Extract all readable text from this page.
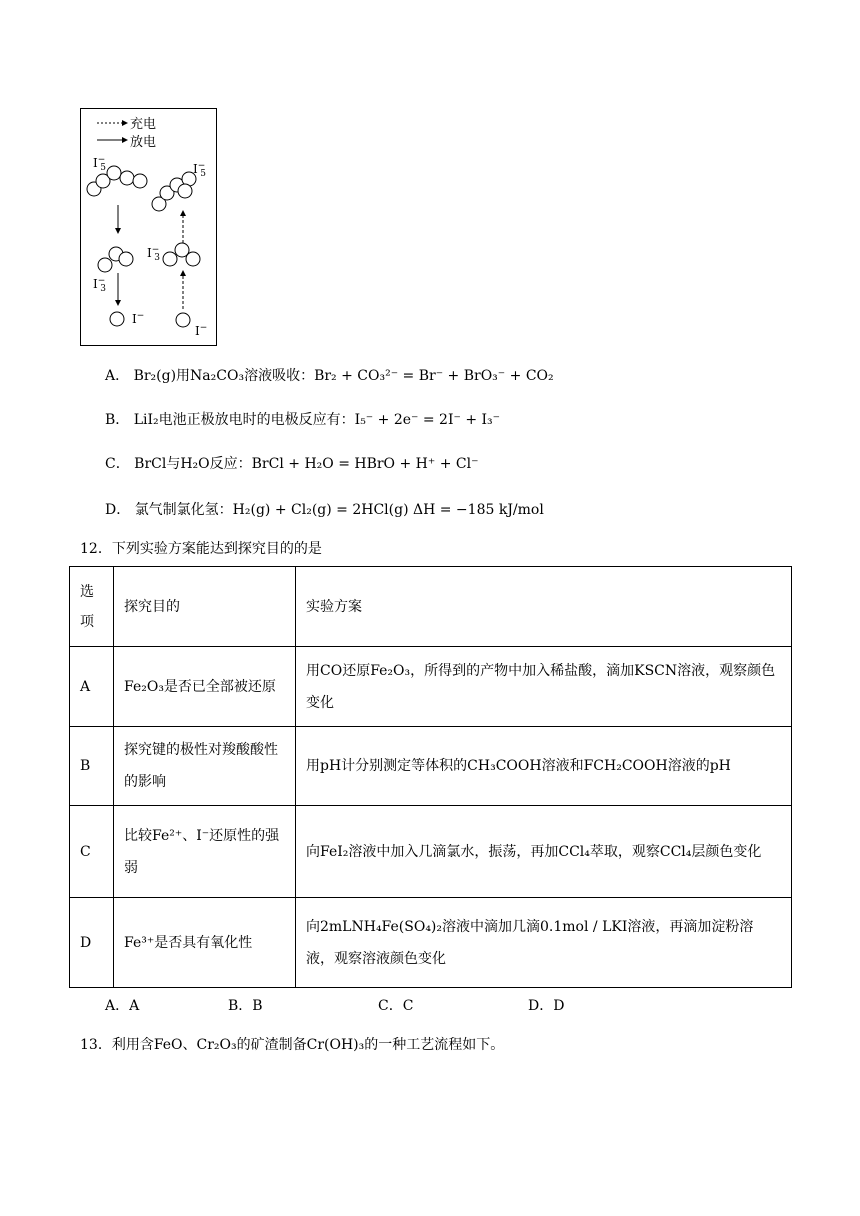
充电
放电
$I^-_5$
$I^-_3$
I−
$I^-_5$
$I^-_3$
I−
A． Br₂(g)用Na₂CO₃溶液吸收：Br₂ + CO₃²⁻ = Br⁻ + BrO₃⁻ + CO₂
B． LiI₂电池正极放电时的电极反应有：I₅⁻ + 2e⁻ = 2I⁻ + I₃⁻
C． BrCl与H₂O反应：BrCl + H₂O = HBrO + H⁺ + Cl⁻
D． 氯气制氯化氢：H₂(g) + Cl₂(g) = 2HCl(g) ΔH = −185 kJ/mol
12．下列实验方案能达到探究目的的是
选项	探究目的	实验方案
A	Fe₂O₃是否已全部被还原	用CO还原Fe₂O₃，所得到的产物中加入稀盐酸，滴加KSCN溶液，观察颜色变化
B	探究键的极性对羧酸酸性的影响	用pH计分别测定等体积的CH₃COOH溶液和FCH₂COOH溶液的pH
C	比较Fe²⁺、I⁻还原性的强弱	向FeI₂溶液中加入几滴氯水，振荡，再加CCl₄萃取，观察CCl₄层颜色变化
D	Fe³⁺是否具有氧化性	向2mLNH₄Fe(SO₄)₂溶液中滴加几滴0.1mol / LKI溶液，再滴加淀粉溶液，观察溶液颜色变化
A．A	B．B	C．C	D．D
13．利用含FeO、Cr₂O₃的矿渣制备Cr(OH)₃的一种工艺流程如下。
